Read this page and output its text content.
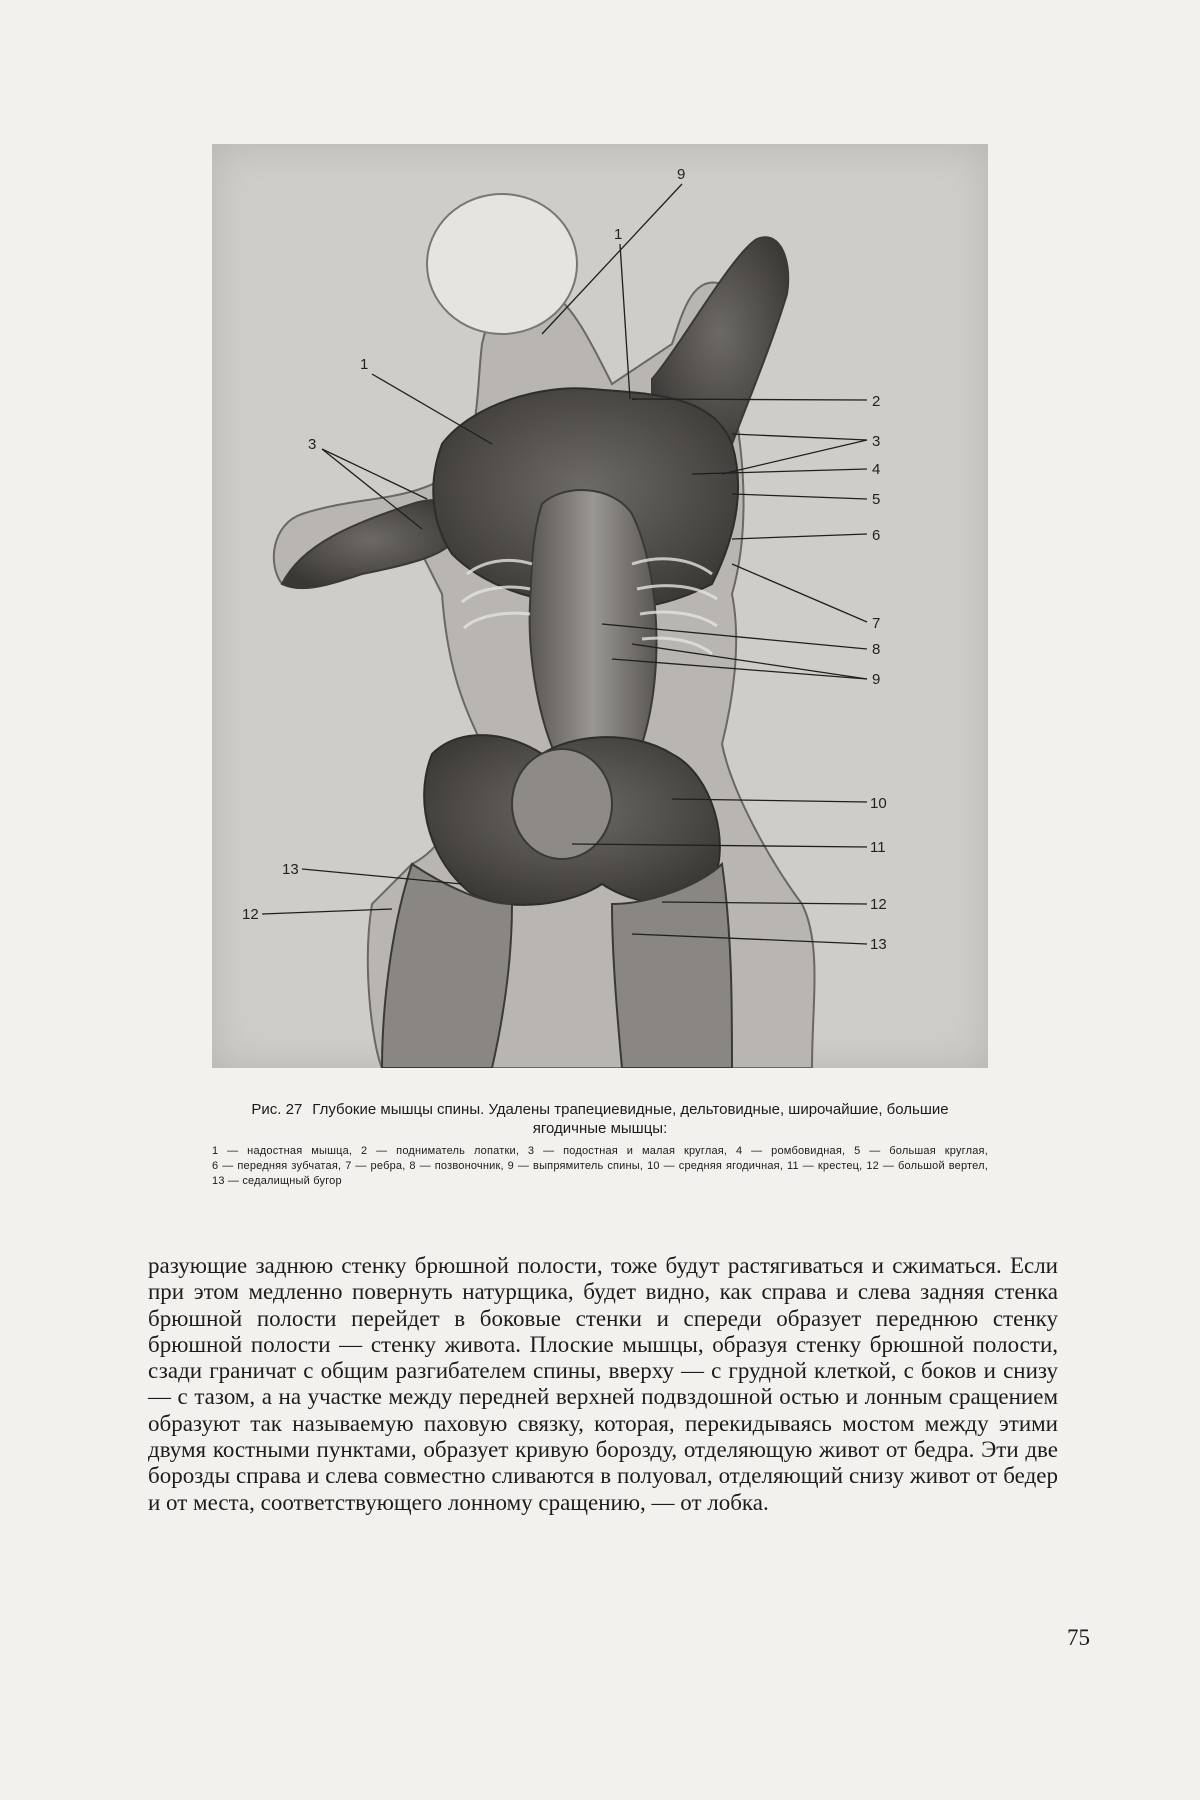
9
1
1
3
2
3
4
5
6
7
8
9
10
11
12
13
13
12
Рис. 27 Глубокие мышцы спины. Удалены трапециевидные, дельтовидные, широчайшие, большие ягодичные мышцы:
1 — надостная мышца, 2 — подниматель лопатки, 3 — подостная и малая круглая, 4 — ромбовидная, 5 — большая круглая, 6 — передняя зубчатая, 7 — ребра, 8 — позвоночник, 9 — выпрямитель спины, 10 — средняя ягодичная, 11 — крестец, 12 — большой вертел, 13 — седалищный бугор

разующие заднюю стенку брюшной полости, тоже будут растягиваться и сжиматься. Если при этом медленно повернуть натурщика, будет видно, как справа и слева задняя стенка брюшной полости перейдет в боковые стенки и спереди образует переднюю стенку брюшной полости — стенку живота. Плоские мышцы, образуя стенку брюшной полости, сзади граничат с общим разгибателем спины, вверху — с грудной клеткой, с боков и снизу — с тазом, а на участке между передней верхней подвздошной остью и лонным сращением образуют так называемую паховую связку, которая, перекидываясь мостом между этими двумя костными пунктами, образует кривую борозду, отделяющую живот от бедра. Эти две борозды справа и слева совместно сливаются в полуовал, отделяющий снизу живот от бедер и от места, соответствующего лонному сращению, — от лобка.

75
